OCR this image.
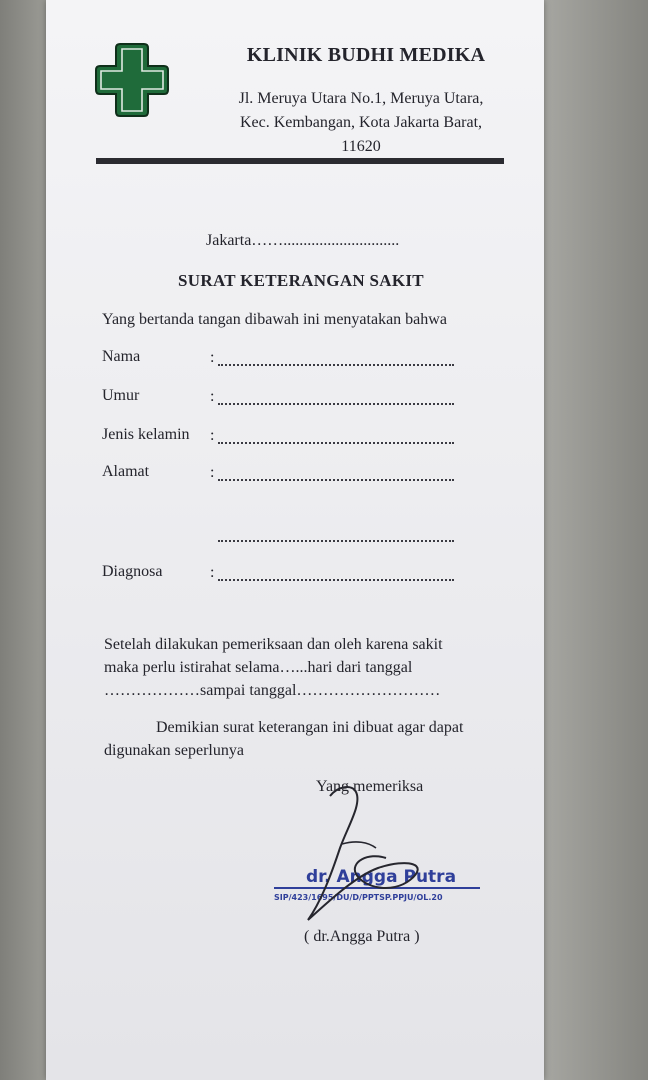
KLINIK BUDHI MEDIKA
Jl. Meruya Utara No.1, Meruya Utara,
Kec. Kembangan, Kota Jakarta Barat,
11620
Jakarta…….............................
SURAT KETERANGAN SAKIT
Yang bertanda tangan dibawah ini menyatakan bahwa
Nama	:
Umur	:
Jenis kelamin :
Alamat	:
Diagnosa	:
Setelah dilakukan pemeriksaan dan oleh karena sakit
maka perlu istirahat selama…...hari dari tanggal
………………sampai tanggal………………………
Demikian surat keterangan ini dibuat agar dapat
digunakan seperlunya
Yang memeriksa
dr. Angga Putra
SIP/423/1695/DU/D/PPTSP.PPJU/OL.20
( dr.Angga Putra )
